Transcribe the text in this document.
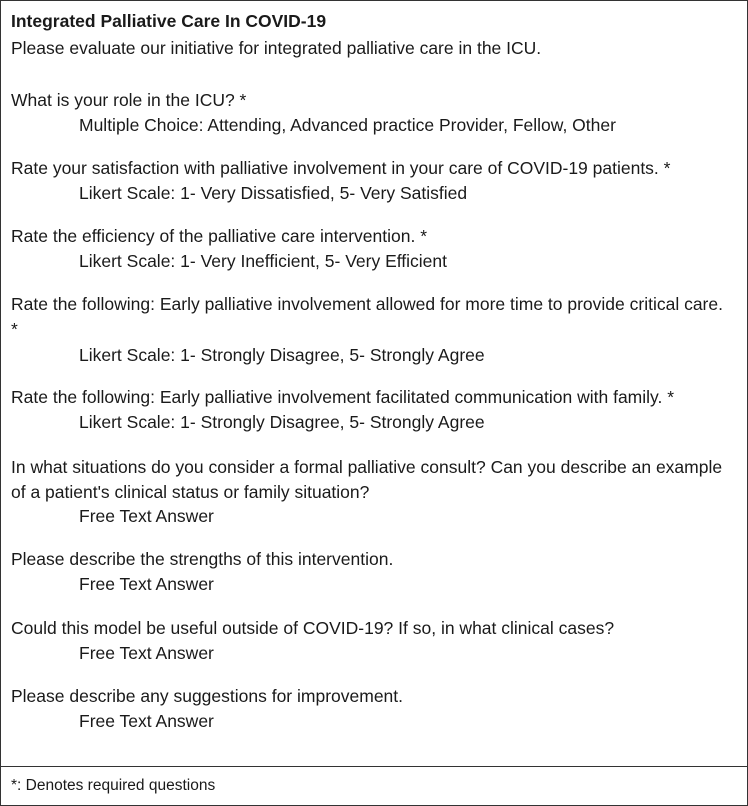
Integrated Palliative Care In COVID-19
Please evaluate our initiative for integrated palliative care in the ICU.
What is your role in the ICU? *
Multiple Choice: Attending, Advanced practice Provider, Fellow, Other
Rate your satisfaction with palliative involvement in your care of COVID-19 patients. *
Likert Scale: 1- Very Dissatisfied, 5- Very Satisfied
Rate the efficiency of the palliative care intervention. *
Likert Scale: 1- Very Inefficient, 5- Very Efficient
Rate the following: Early palliative involvement allowed for more time to provide critical care. *
Likert Scale: 1- Strongly Disagree, 5- Strongly Agree
Rate the following: Early palliative involvement facilitated communication with family. *
Likert Scale: 1- Strongly Disagree, 5- Strongly Agree
In what situations do you consider a formal palliative consult? Can you describe an example of a patient's clinical status or family situation?
Free Text Answer
Please describe the strengths of this intervention.
Free Text Answer
Could this model be useful outside of COVID-19? If so, in what clinical cases?
Free Text Answer
Please describe any suggestions for improvement.
Free Text Answer
*: Denotes required questions
